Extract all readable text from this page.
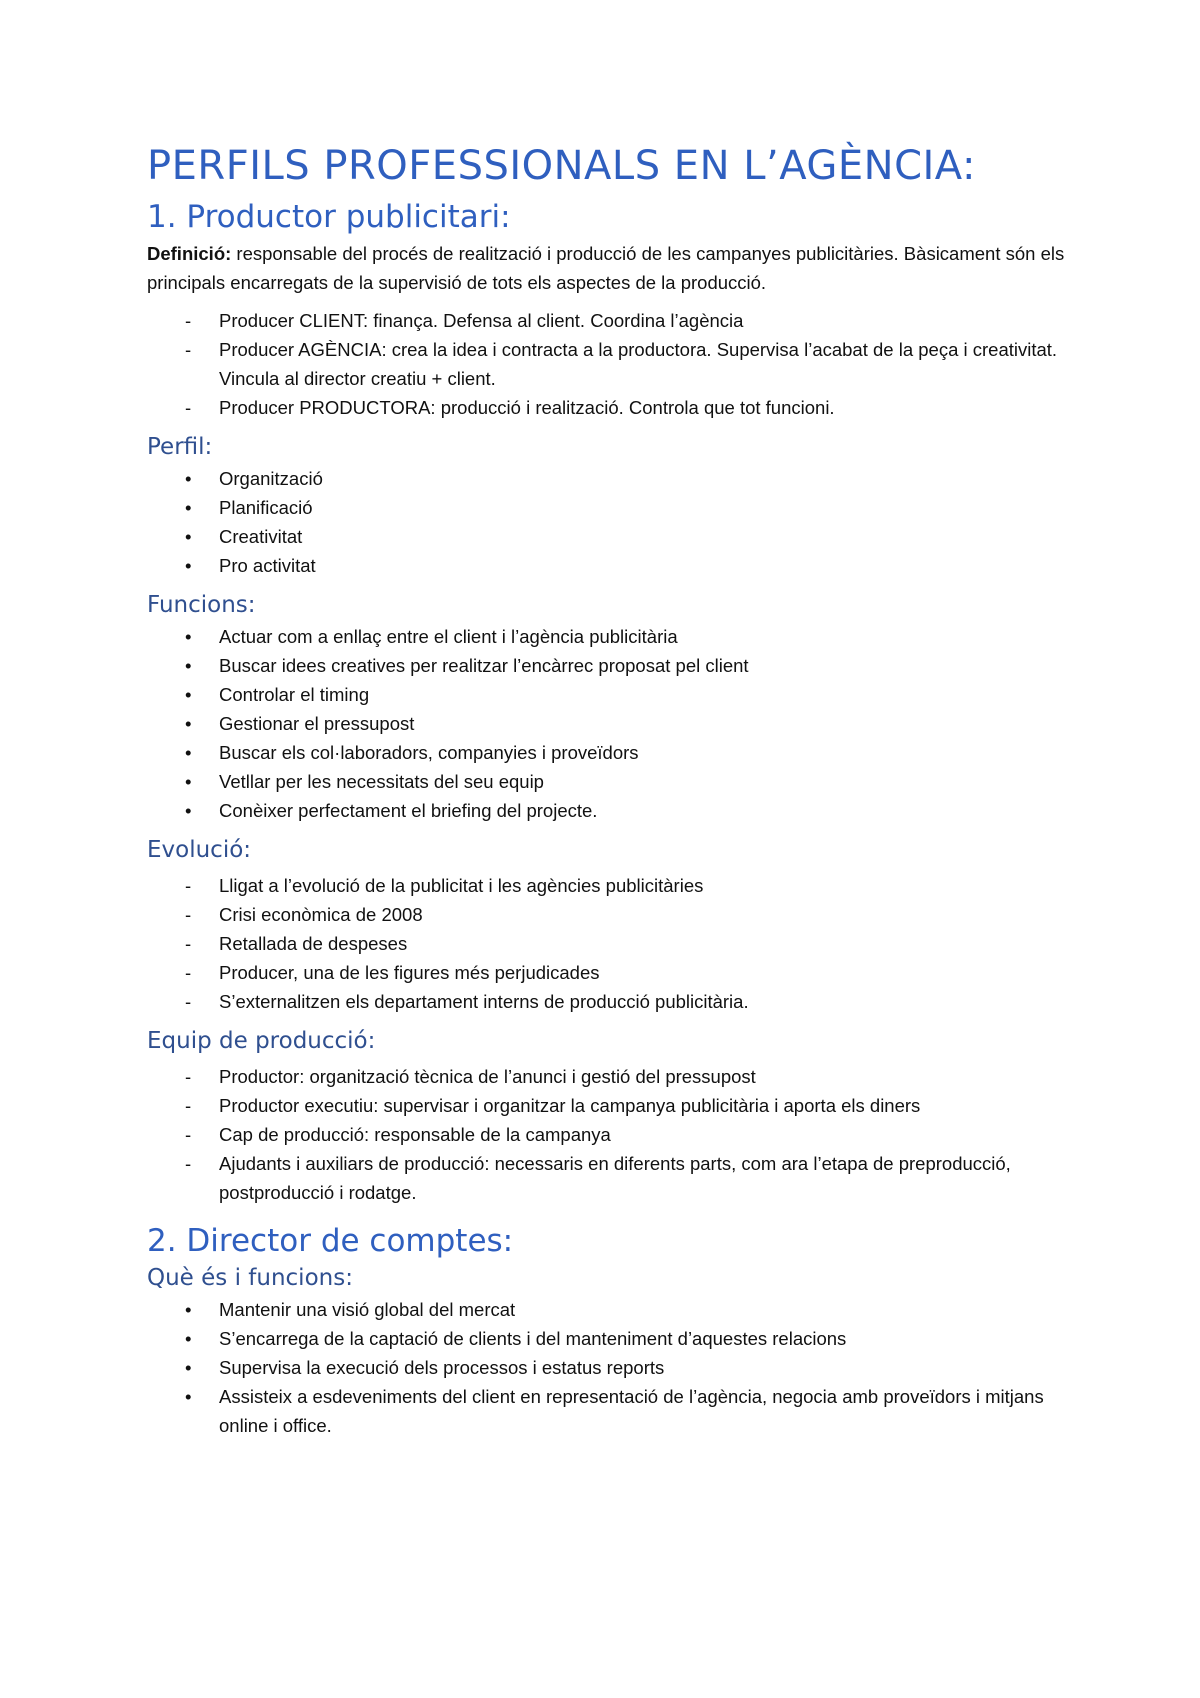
PERFILS PROFESSIONALS EN L’AGÈNCIA:
1. Productor publicitari:

Definició: responsable del procés de realització i producció de les campanyes publicitàries. Bàsicament són els principals encarregats de la supervisió de tots els aspectes de la producció.

-	Producer CLIENT: finança. Defensa al client. Coordina l’agència
-	Producer AGÈNCIA: crea la idea i contracta a la productora. Supervisa l’acabat de la peça i creativitat. Vincula al director creatiu + client.
-	Producer PRODUCTORA: producció i realització. Controla que tot funcioni.
Perfil:
•	Organització
•	Planificació
•	Creativitat
•	Pro activitat
Funcions:
•	Actuar com a enllaç entre el client i l’agència publicitària
•	Buscar idees creatives per realitzar l’encàrrec proposat pel client
•	Controlar el timing
•	Gestionar el pressupost
•	Buscar els col·laboradors, companyies i proveïdors
•	Vetllar per les necessitats del seu equip
•	Conèixer perfectament el briefing del projecte.
Evolució:
-	Lligat a l’evolució de la publicitat i les agències publicitàries
-	Crisi econòmica de 2008
-	Retallada de despeses
-	Producer, una de les figures més perjudicades
-	S’externalitzen els departament interns de producció publicitària.
Equip de producció:
-	Productor: organització tècnica de l’anunci i gestió del pressupost
-	Productor executiu: supervisar i organitzar la campanya publicitària i aporta els diners
-	Cap de producció: responsable de la campanya
-	Ajudants i auxiliars de producció: necessaris en diferents parts, com ara l’etapa de preproducció, postproducció i rodatge.
2. Director de comptes:
Què és i funcions:
•	Mantenir una visió global del mercat
•	S’encarrega de la captació de clients i del manteniment d’aquestes relacions
•	Supervisa la execució dels processos i estatus reports
•	Assisteix a esdeveniments del client en representació de l’agència, negocia amb proveïdors i mitjans online i office.
